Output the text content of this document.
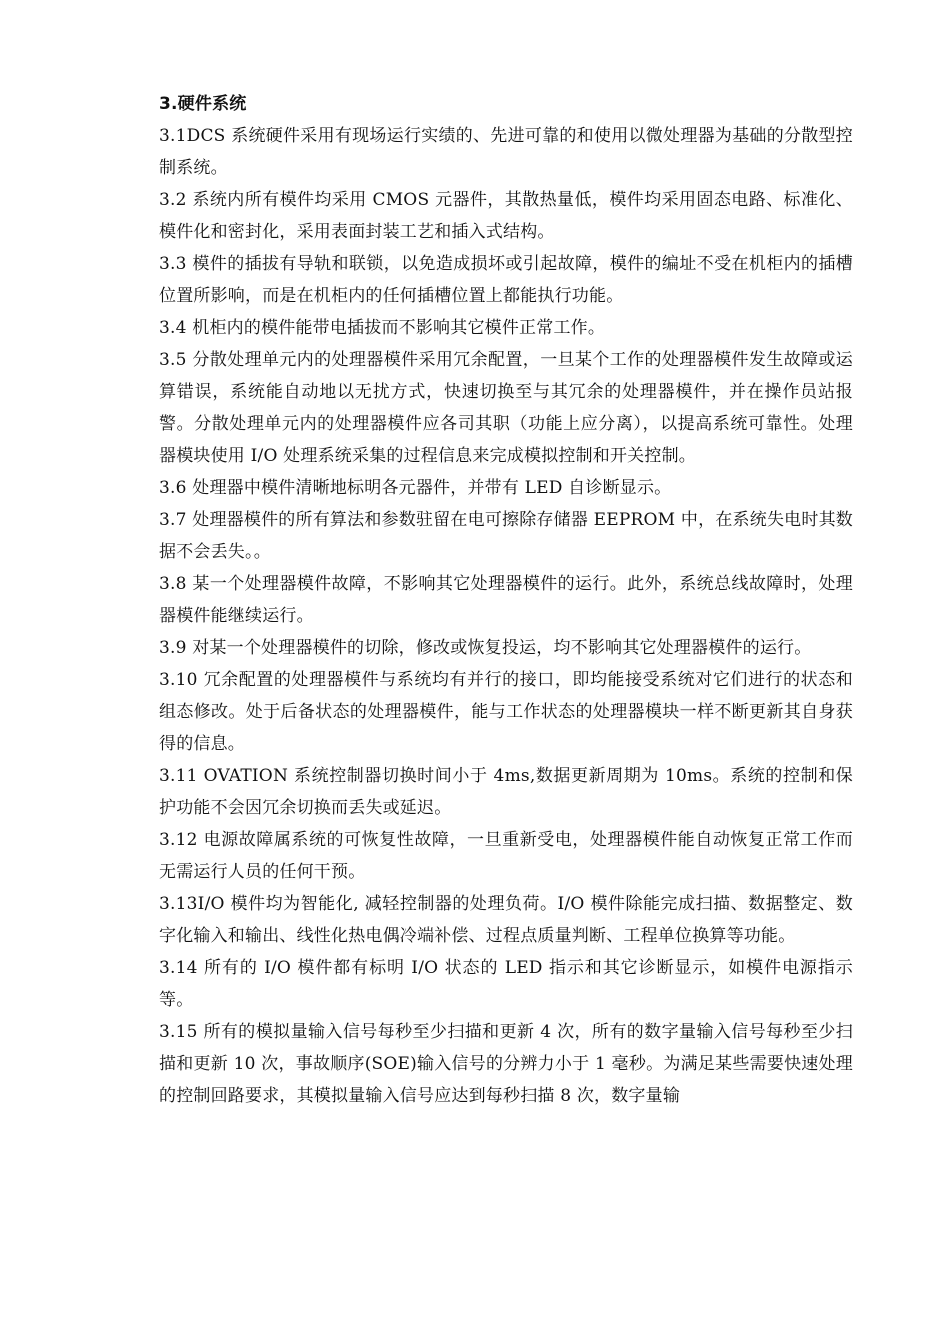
3.硬件系统

3.1DCS 系统硬件采用有现场运行实绩的、先进可靠的和使用以微处理器为基础的分散型控制系统。

3.2 系统内所有模件均采用 CMOS 元器件，其散热量低，模件均采用固态电路、标准化、模件化和密封化，采用表面封装工艺和插入式结构。

3.3 模件的插拔有导轨和联锁，以免造成损坏或引起故障，模件的编址不受在机柜内的插槽位置所影响，而是在机柜内的任何插槽位置上都能执行功能。

3.4 机柜内的模件能带电插拔而不影响其它模件正常工作。

3.5 分散处理单元内的处理器模件采用冗余配置，一旦某个工作的处理器模件发生故障或运算错误，系统能自动地以无扰方式，快速切换至与其冗余的处理器模件，并在操作员站报警。分散处理单元内的处理器模件应各司其职（功能上应分离），以提高系统可靠性。处理器模块使用 I/O 处理系统采集的过程信息来完成模拟控制和开关控制。

3.6 处理器中模件清晰地标明各元器件，并带有 LED 自诊断显示。

3.7 处理器模件的所有算法和参数驻留在电可擦除存储器 EEPROM 中，在系统失电时其数据不会丢失。。

3.8 某一个处理器模件故障，不影响其它处理器模件的运行。此外，系统总线故障时，处理器模件能继续运行。

3.9 对某一个处理器模件的切除，修改或恢复投运，均不影响其它处理器模件的运行。

3.10 冗余配置的处理器模件与系统均有并行的接口，即均能接受系统对它们进行的状态和组态修改。处于后备状态的处理器模件，能与工作状态的处理器模块一样不断更新其自身获得的信息。

3.11 OVATION 系统控制器切换时间小于 4ms,数据更新周期为 10ms。系统的控制和保护功能不会因冗余切换而丢失或延迟。

3.12 电源故障属系统的可恢复性故障，一旦重新受电，处理器模件能自动恢复正常工作而无需运行人员的任何干预。

3.13I/O 模件均为智能化, 减轻控制器的处理负荷。I/O 模件除能完成扫描、数据整定、数字化输入和输出、线性化热电偶冷端补偿、过程点质量判断、工程单位换算等功能。

3.14 所有的 I/O 模件都有标明 I/O 状态的 LED 指示和其它诊断显示，如模件电源指示等。

3.15 所有的模拟量输入信号每秒至少扫描和更新 4 次，所有的数字量输入信号每秒至少扫描和更新 10 次，事故顺序(SOE)输入信号的分辨力小于 1 毫秒。为满足某些需要快速处理的控制回路要求，其模拟量输入信号应达到每秒扫描 8 次，数字量输
